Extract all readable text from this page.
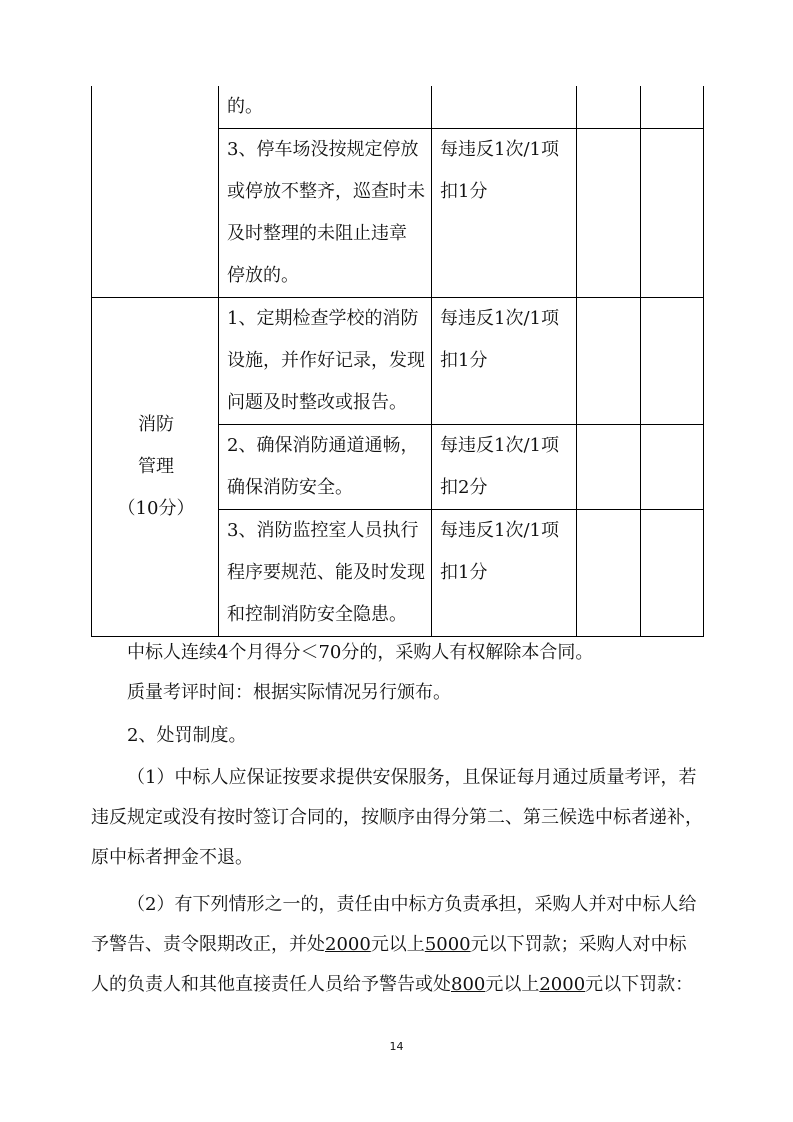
	的。			

	3、停车场没按规定停放
或停放不整齐，巡查时未
及时整理的未阻止违章
停放的。	每违反1次/1项
扣1分		

消防
管理
（10分）	1、定期检查学校的消防
设施，并作好记录，发现
问题及时整改或报告。	每违反1次/1项
扣1分		

	2、确保消防通道通畅，
确保消防安全。	每违反1次/1项
扣2分		

	3、消防监控室人员执行
程序要规范、能及时发现
和控制消防安全隐患。	每违反1次/1项
扣1分		

中标人连续4个月得分＜70分的，采购人有权解除本合同。

质量考评时间：根据实际情况另行颁布。

2、处罚制度。

（1）中标人应保证按要求提供安保服务，且保证每月通过质量考评，若
违反规定或没有按时签订合同的，按顺序由得分第二、第三候选中标者递补，
原中标者押金不退。
（2）有下列情形之一的，责任由中标方负责承担，采购人并对中标人给
予警告、责令限期改正，并处2000元以上5000元以下罚款；采购人对中标
人的负责人和其他直接责任人员给予警告或处800元以上2000元以下罚款：
14
